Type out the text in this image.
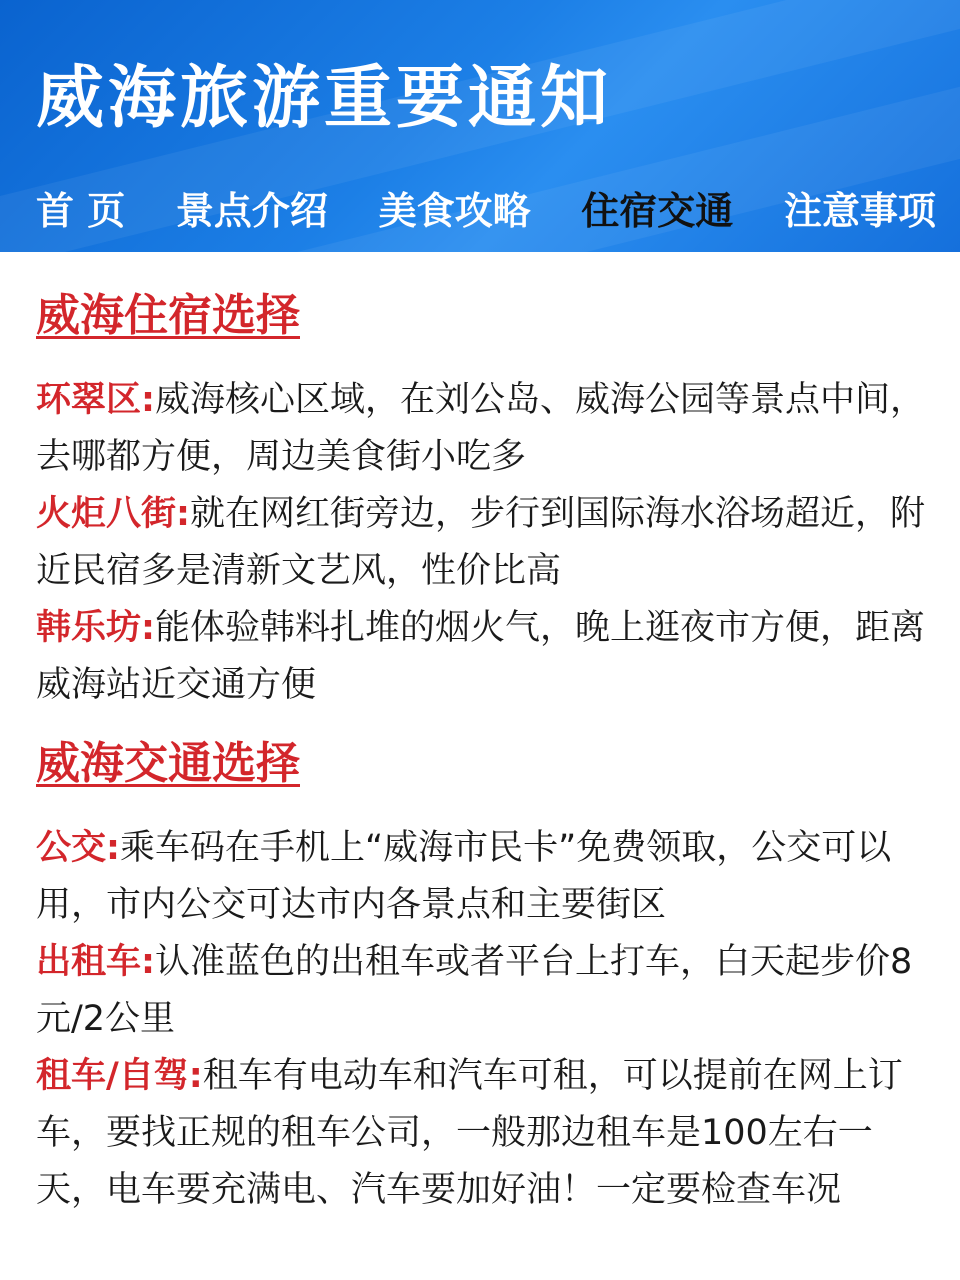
威海旅游重要通知
首 页 景点介绍 美食攻略 住宿交通 注意事项
威海住宿选择
环翠区:威海核心区域，在刘公岛、威海公园等景点中间，去哪都方便，周边美食街小吃多
火炬八街:就在网红街旁边，步行到国际海水浴场超近，附近民宿多是清新文艺风，性价比高
韩乐坊:能体验韩料扎堆的烟火气，晚上逛夜市方便，距离威海站近交通方便
威海交通选择
公交:乘车码在手机上“威海市民卡”免费领取，公交可以用，市内公交可达市内各景点和主要街区
出租车:认准蓝色的出租车或者平台上打车，白天起步价8元/2公里
租车/自驾:租车有电动车和汽车可租，可以提前在网上订车，要找正规的租车公司，一般那边租车是100左右一天，电车要充满电、汽车要加好油！一定要检查车况
